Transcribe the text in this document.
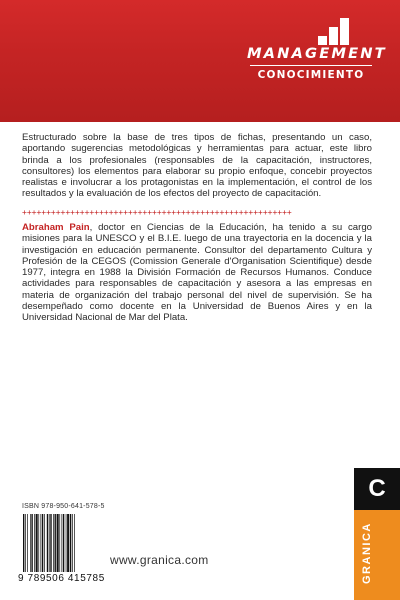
MANAGEMENT
CONOCIMIENTO
Estructurado sobre la base de tres tipos de fichas, presentando un caso, aportando sugerencias metodológicas y herramientas para actuar, este libro brinda a los profesionales (responsables de la capacitación, instructores, consultores) los elementos para elaborar su propio enfoque, concebir proyectos realistas e involucrar a los protagonistas en la implementación, el control de los resultados y la evaluación de los efectos del proyecto de capacitación.
++++++++++++++++++++++++++++++++++++++++++++++++++++++++
Abraham Pain, doctor en Ciencias de la Educación, ha tenido a su cargo misiones para la UNESCO y el B.I.E. luego de una trayectoria en la docencia y la investigación en educación permanente. Consultor del departamento Cultura y Profesión de la CEGOS (Comission Generale d'Organisation Scientifique) desde 1977, integra en 1988 la División Formación de Recursos Humanos. Conduce actividades para responsables de capacitación y asesora a las empresas en materia de organización del trabajo personal del nivel de supervisión. Se ha desempeñado como docente en la Universidad de Buenos Aires y en la Universidad Nacional de Mar del Plata.
ISBN 978-950-641-578-5
9 789506 415785
www.granica.com
C
GRANICA
